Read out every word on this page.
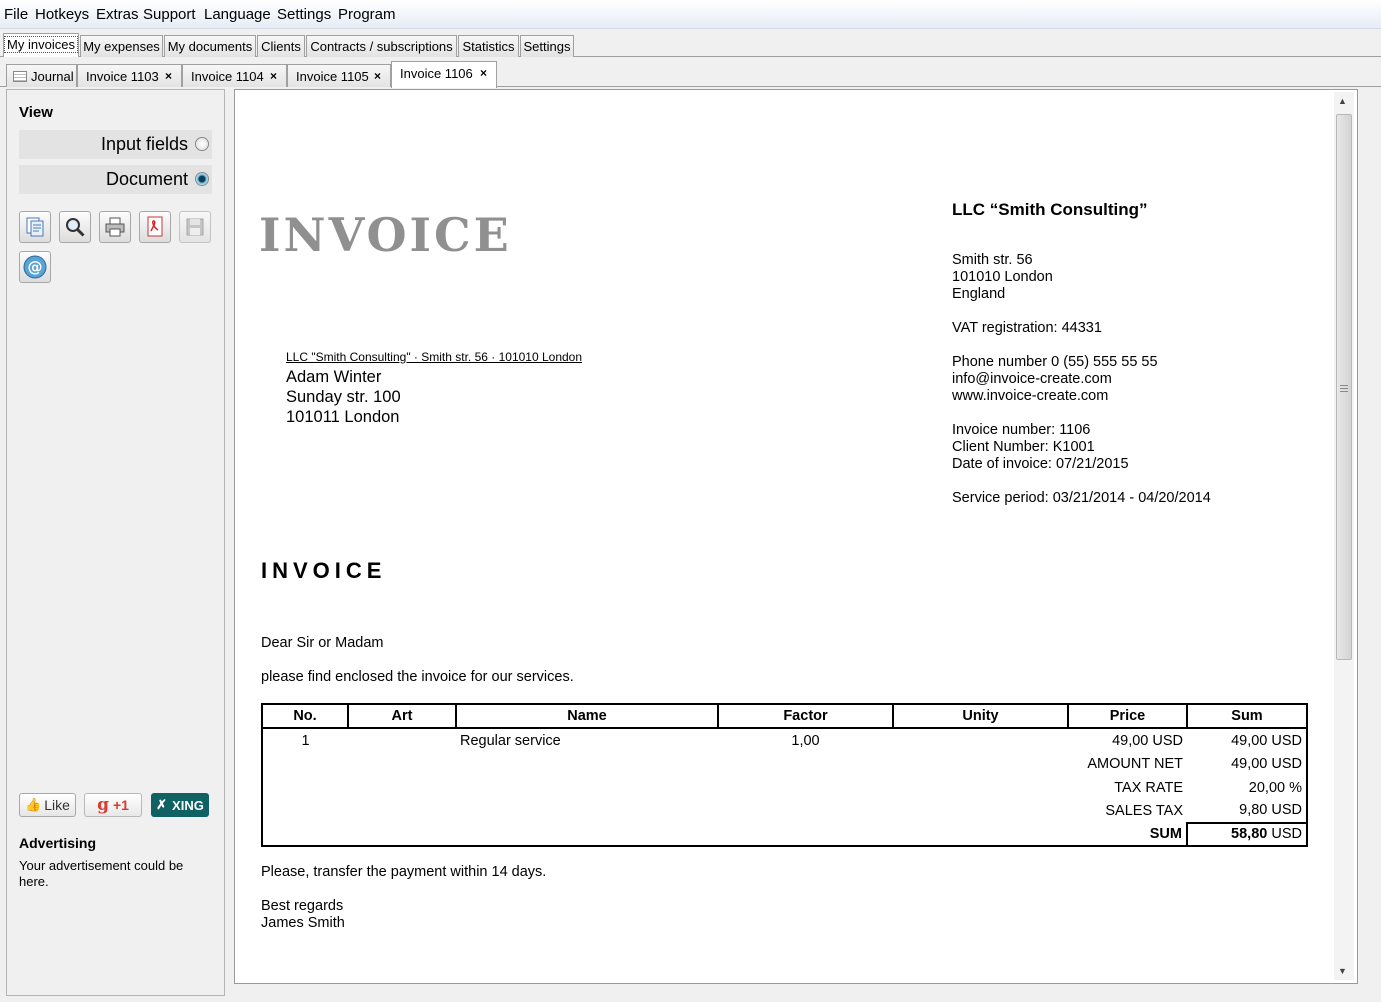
File Hotkeys Extras Support Language Settings Program
My invoices My expenses My documents Clients Contracts / subscriptions Statistics Settings
Journal Invoice 1103 ×	Invoice 1104 ×	Invoice 1105 ×	Invoice 1106 ×
View
Input fields
Document
@
👍 Like g +1 ✗ XING
Advertising
Your advertisement could be here.
INVOICE	LLC “Smith Consulting”
Smith str. 56
101010 London
England
VAT registration: 44331
Phone number 0 (55) 555 55 55
info@invoice-create.com
www.invoice-create.com
Invoice number: 1106
Client Number: K1001
Date of invoice: 07/21/2015
Service period: 03/21/2014 - 04/20/2014
LLC "Smith Consulting" · Smith str. 56 · 101010 London
Adam Winter
Sunday str. 100
101011 London
INVOICE
Dear Sir or Madam
please find enclosed the invoice for our services.
Please, transfer the payment within 14 days.
Best regards
James Smith
No.	Art	Name	Factor	Unity	Price	Sum
1		Regular service	1,00		49,00 USD	49,00 USD
					AMOUNT NET	49,00 USD
					TAX RATE	20,00 %
					SALES TAX	9,80 USD
					SUM	58,80 USD
▲
▼
